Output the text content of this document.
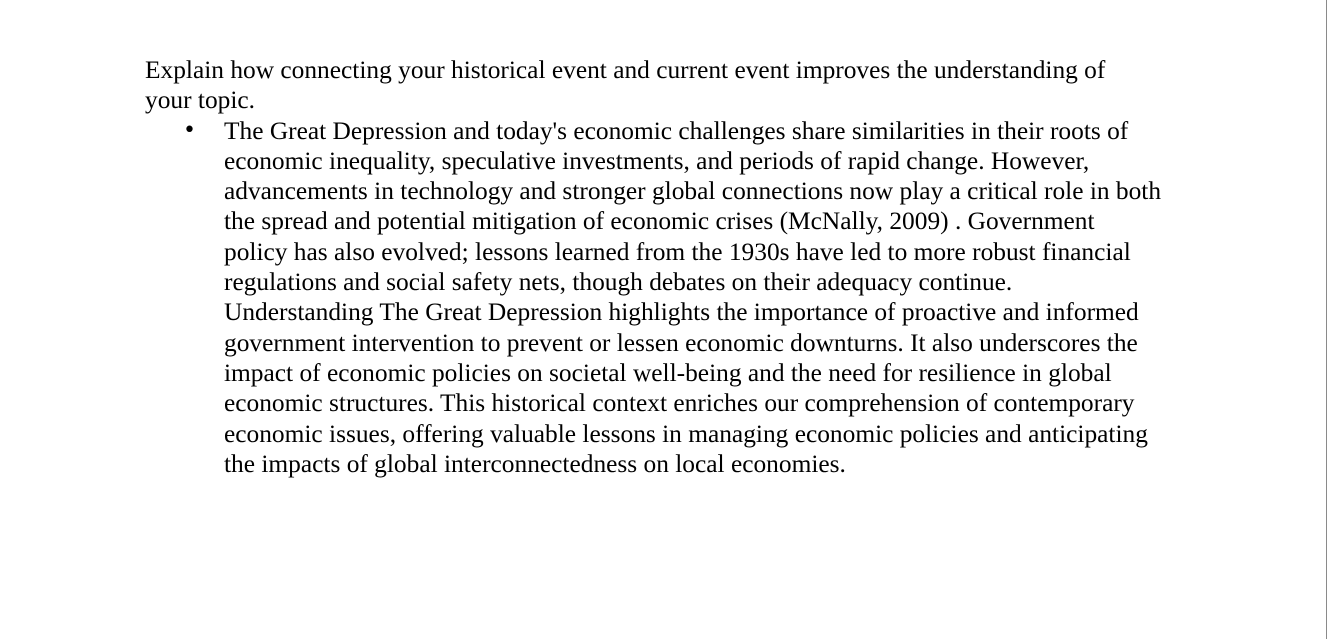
Explain how connecting your historical event and current event improves the understanding of your topic.

• The Great Depression and today's economic challenges share similarities in their roots of economic inequality, speculative investments, and periods of rapid change. However, advancements in technology and stronger global connections now play a critical role in both the spread and potential mitigation of economic crises (McNally, 2009) . Government policy has also evolved; lessons learned from the 1930s have led to more robust financial regulations and social safety nets, though debates on their adequacy continue. Understanding The Great Depression highlights the importance of proactive and informed government intervention to prevent or lessen economic downturns. It also underscores the impact of economic policies on societal well-being and the need for resilience in global economic structures. This historical context enriches our comprehension of contemporary economic issues, offering valuable lessons in managing economic policies and anticipating the impacts of global interconnectedness on local economies.
